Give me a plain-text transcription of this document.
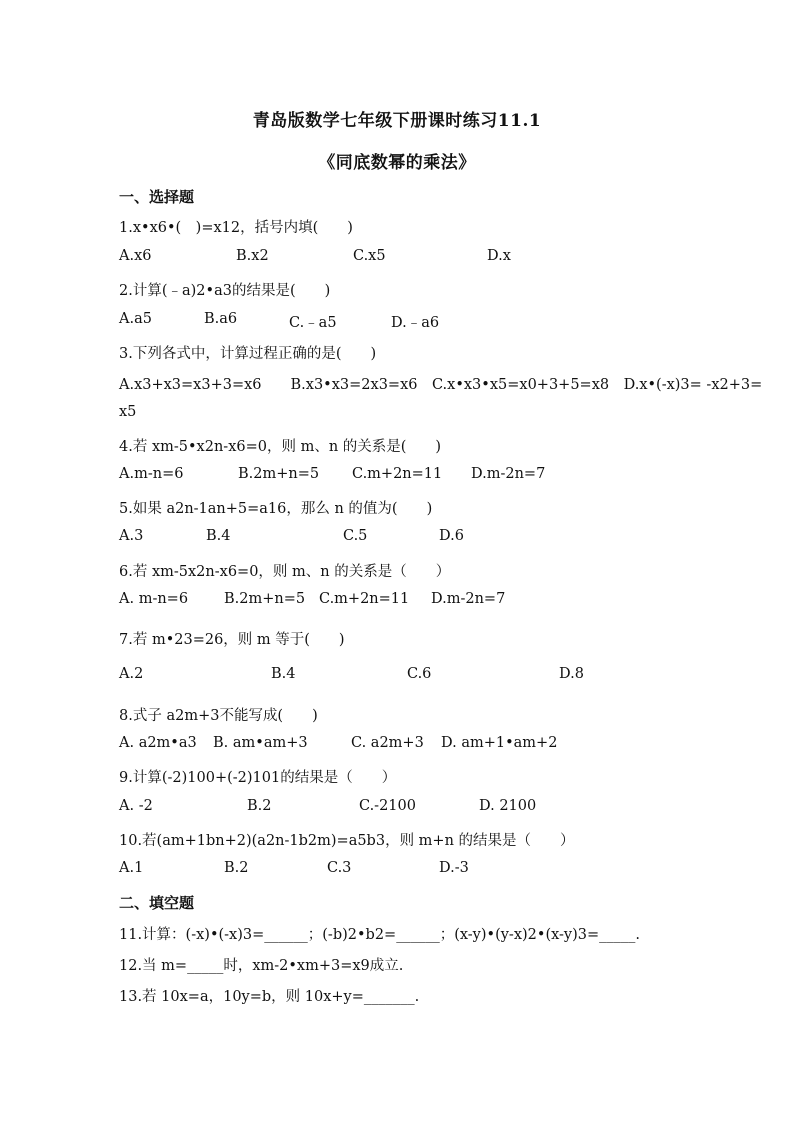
青岛版数学七年级下册课时练习11.1
《同底数幂的乘法》
一、选择题
1.x•x6•(　)=x12，括号内填(　　)
A.x6	B.x2	C.x5	D.x
2.计算(﹣a)2•a3的结果是(　　)
A.a5	B.a6	C.﹣a5	D.﹣a6
3.下列各式中，计算过程正确的是(　　)
A.x3+x3=x3+3=x6　　B.x3•x3=2x3=x6　C.x•x3•x5=x0+3+5=x8　D.x•(-x)3= -x2+3=
x5
4.若 xm-5•x2n-x6=0，则 m、n 的关系是(　　)
A.m-n=6	B.2m+n=5 C.m+2n=11 D.m-2n=7
5.如果 a2n-1an+5=a16，那么 n 的值为(　　)
A.3	B.4	C.5	D.6
6.若 xm-5x2n-x6=0，则 m、n 的关系是（　　）
A. m-n=6 B.2m+n=5 C.m+2n=11 D.m-2n=7
7.若 m•23=26，则 m 等于(　　)
A.2	B.4	C.6	D.8
8.式子 a2m+3不能写成(　　)
A. a2m•a3 B. am•am+3	C. a2m+3 D. am+1•am+2
9.计算(-2)100+(-2)101的结果是（　　）
A. -2	B.2	C.-2100	D. 2100
10.若(am+1bn+2)(a2n-1b2m)=a5b3，则 m+n 的结果是（　　）
A.1	B.2	C.3	D.-3
二、填空题
11.计算：(-x)•(-x)3=______；(-b)2•b2=______；(x-y)•(y-x)2•(x-y)3=_____.
12.当 m=_____时，xm-2•xm+3=x9成立.
13.若 10x=a，10y=b，则 10x+y=_______.
